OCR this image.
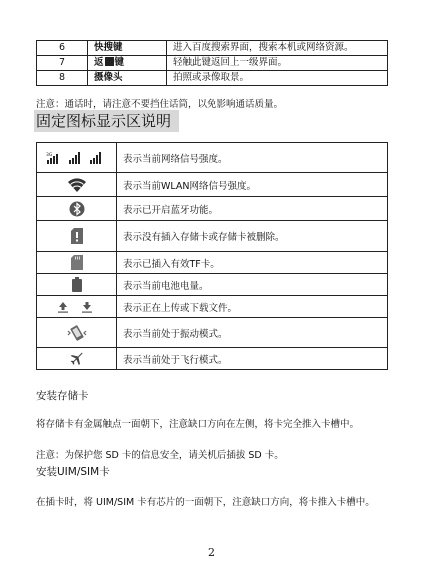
6	快搜键	进入百度搜索界面，搜索本机或网络资源。
7	返 键	轻触此键返回上一级界面。
8	摄像头	拍照或录像取景。
注意：通话时，请注意不要挡住话筒，以免影响通话质量。
固定图标显示区说明
3G	表示当前网络信号强度。
	表示当前WLAN网络信号强度。
	表示已开启蓝牙功能。
	表示没有插入存储卡或存储卡被删除。
	表示已插入有效TF卡。
	表示当前电池电量。
	表示正在上传或下载文件。
	表示当前处于振动模式。
	表示当前处于飞行模式。
安装存储卡
将存储卡有金属触点一面朝下，注意缺口方向在左侧，将卡完全推入卡槽中。
注意：为保护您 SD 卡的信息安全，请关机后插拔 SD 卡。
安装UIM/SIM卡
在插卡时，将 UIM/SIM 卡有芯片的一面朝下，注意缺口方向，将卡推入卡槽中。
2
